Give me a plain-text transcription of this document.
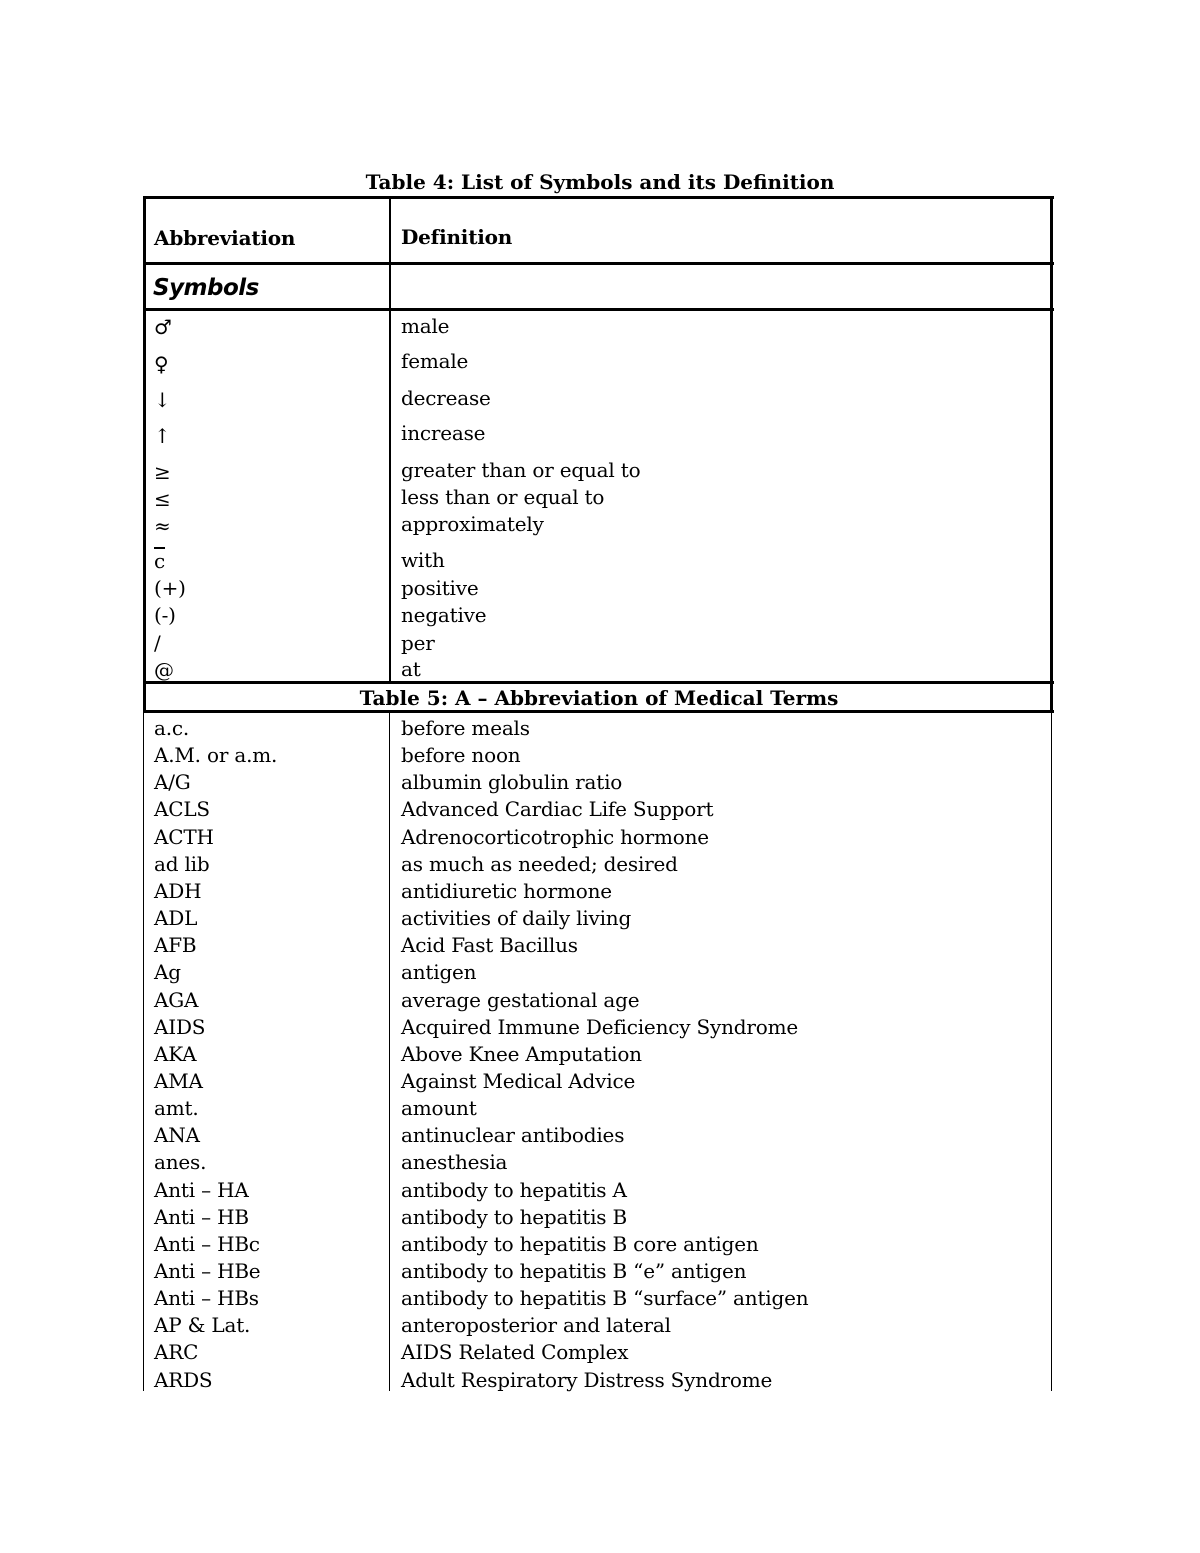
Table 4: List of Symbols and its Definition
Abbreviation	Definition
Symbols
♂	male
♀	female
↓	decrease
↑	increase
≥	greater than or equal to
≤	less than or equal to
≈	approximately
$\overline{c}$	with
(+)	positive
(-)	negative
/	per
@	at
Table 5: A – Abbreviation of Medical Terms
a.c.	before meals
A.M. or a.m.	before noon
A/G	albumin globulin ratio
ACLS	Advanced Cardiac Life Support
ACTH	Adrenocorticotrophic hormone
ad lib	as much as needed; desired
ADH	antidiuretic hormone
ADL	activities of daily living
AFB	Acid Fast Bacillus
Ag	antigen
AGA	average gestational age
AIDS	Acquired Immune Deficiency Syndrome
AKA	Above Knee Amputation
AMA	Against Medical Advice
amt.	amount
ANA	antinuclear antibodies
anes.	anesthesia
Anti – HA	antibody to hepatitis A
Anti – HB	antibody to hepatitis B
Anti – HBc	antibody to hepatitis B core antigen
Anti – HBe	antibody to hepatitis B “e” antigen
Anti – HBs	antibody to hepatitis B “surface” antigen
AP & Lat.	anteroposterior and lateral
ARC	AIDS Related Complex
ARDS	Adult Respiratory Distress Syndrome
